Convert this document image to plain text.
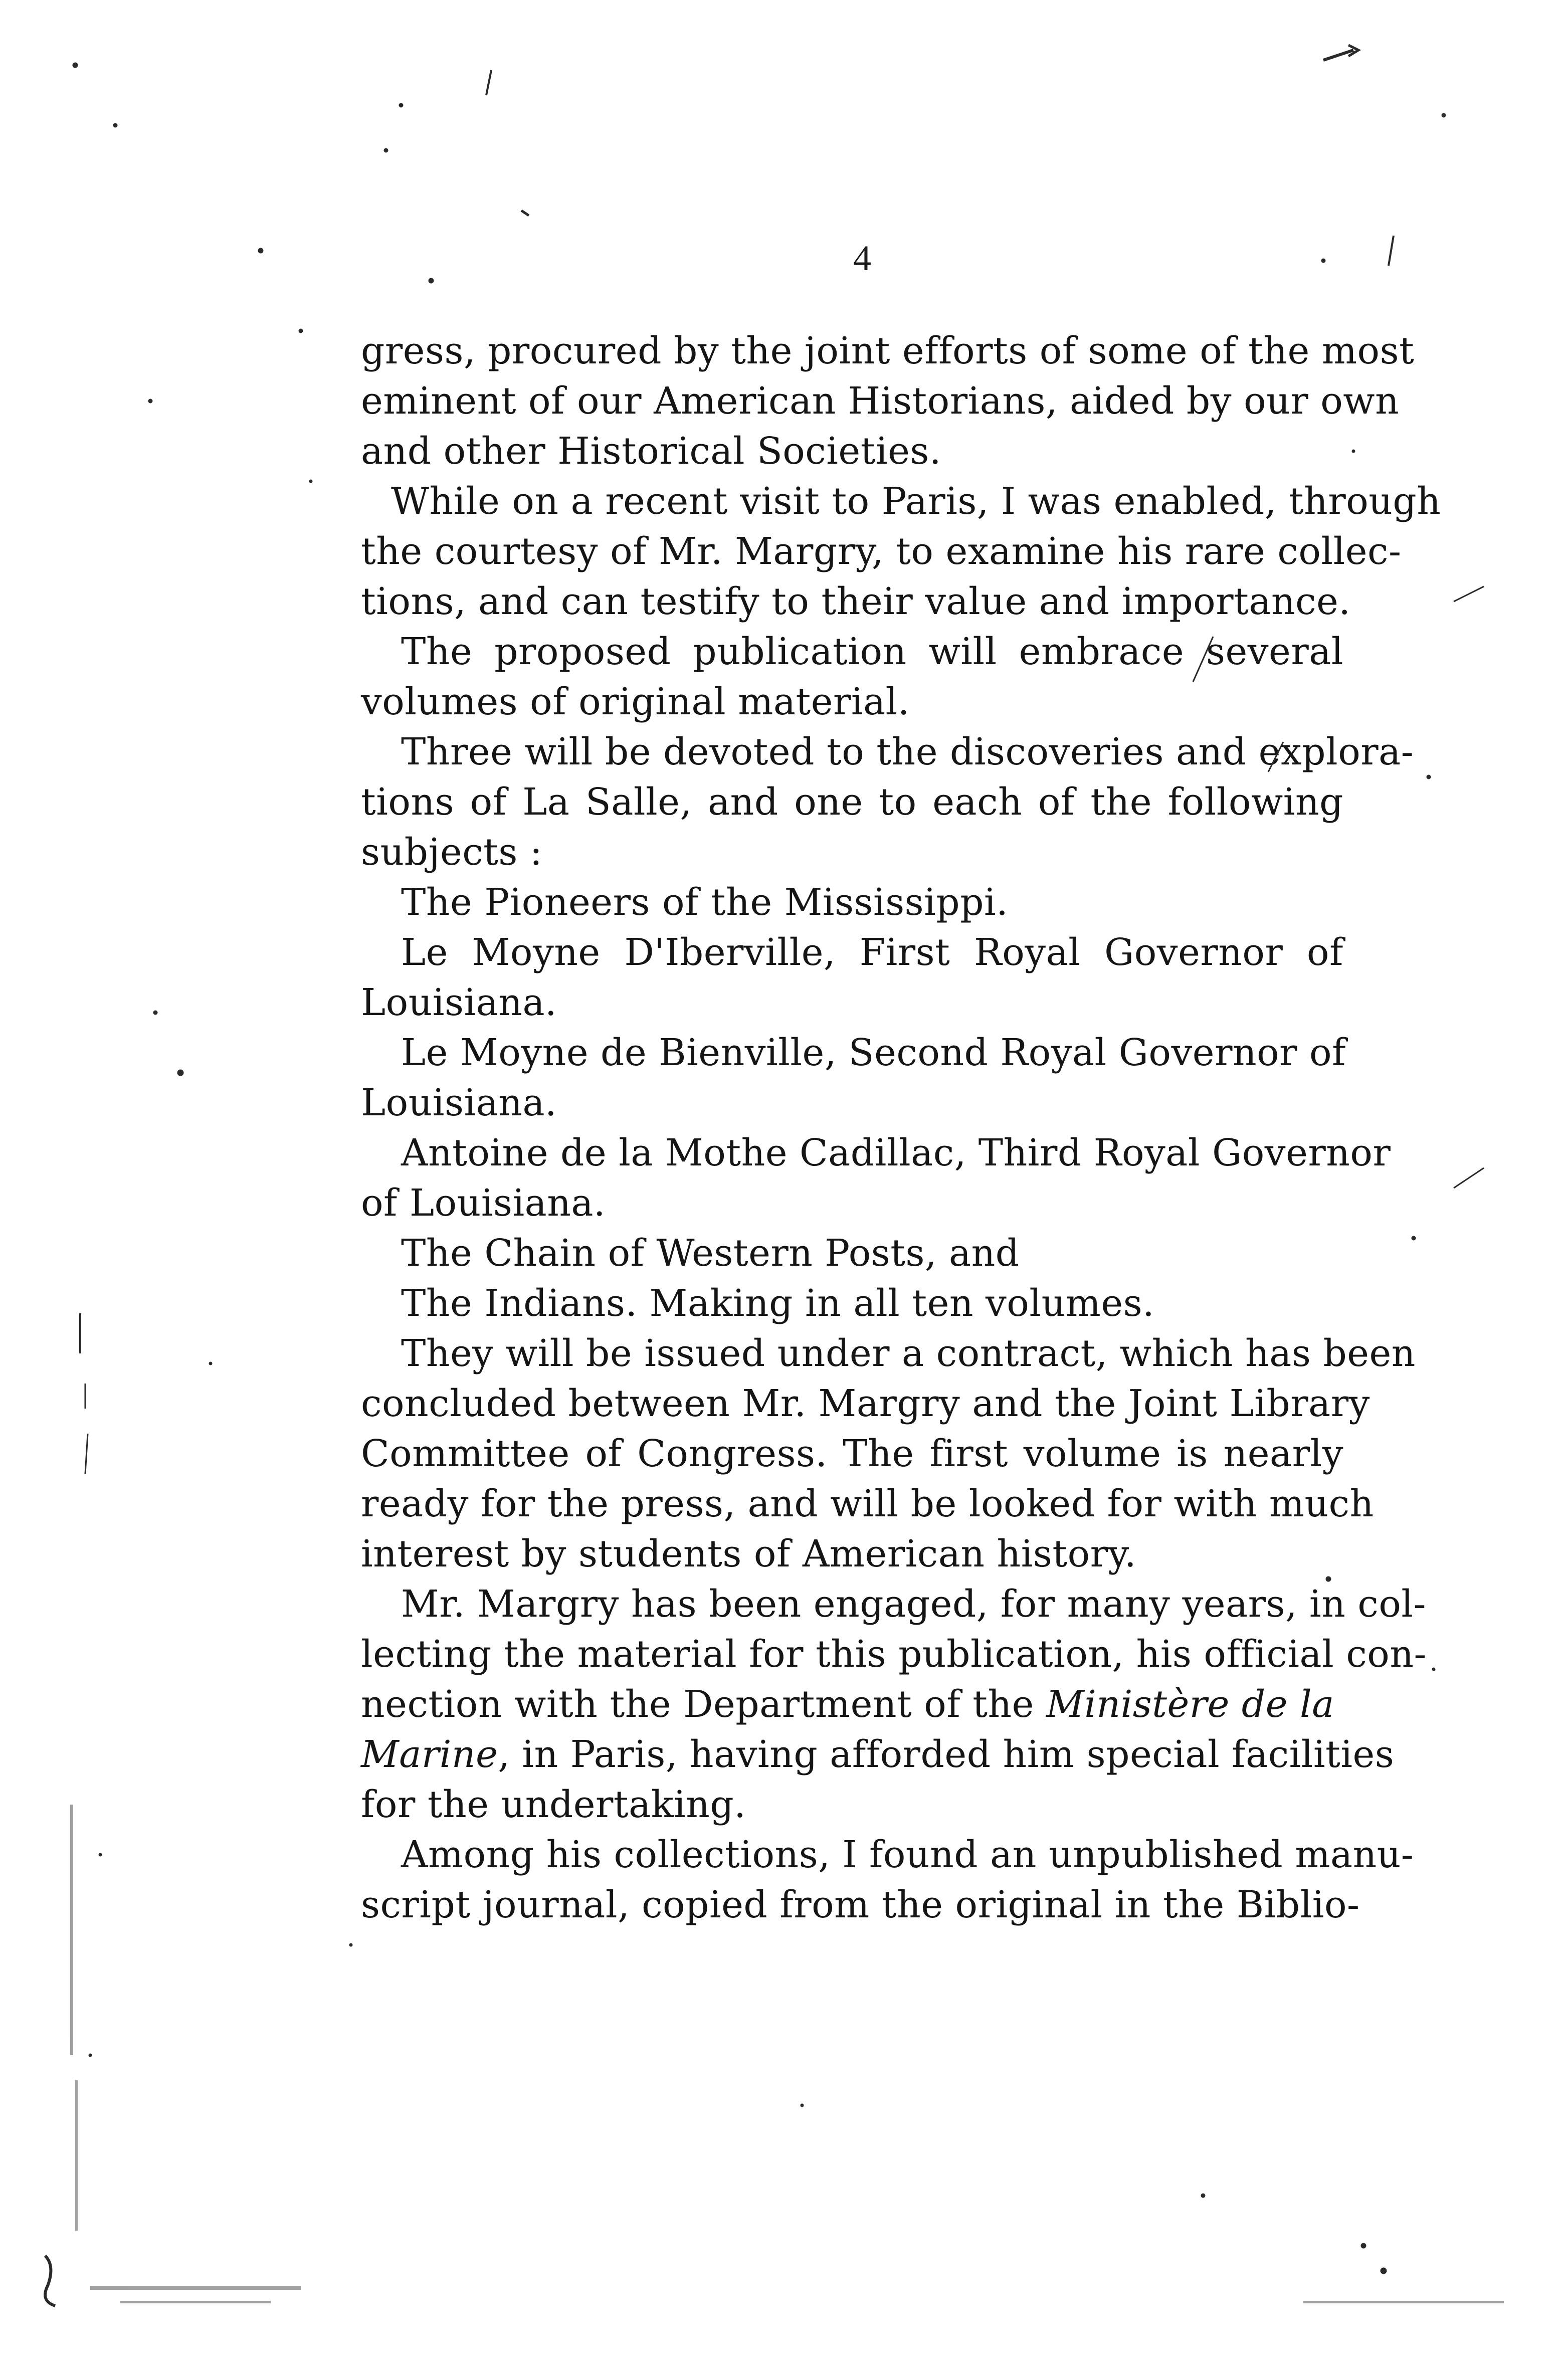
4
gress, procured by the joint efforts of some of the most
eminent of our American Historians, aided by our own
and other Historical Societies.
While on a recent visit to Paris, I was enabled, through
the courtesy of Mr. Margry, to examine his rare collec-
tions, and can testify to their value and importance.
The proposed publication will embrace several
volumes of original material.
Three will be devoted to the discoveries and explora-
tions of La Salle, and one to each of the following
subjects :
The Pioneers of the Mississippi.
Le Moyne D'Iberville, First Royal Governor of
Louisiana.
Le Moyne de Bienville, Second Royal Governor of
Louisiana.
Antoine de la Mothe Cadillac, Third Royal Governor
of Louisiana.
The Chain of Western Posts, and
The Indians. Making in all ten volumes.
They will be issued under a contract, which has been
concluded between Mr. Margry and the Joint Library
Committee of Congress. The first volume is nearly
ready for the press, and will be looked for with much
interest by students of American history.
Mr. Margry has been engaged, for many years, in col-
lecting the material for this publication, his official con-
nection with the Department of the Ministère de la
Marine, in Paris, having afforded him special facilities
for the undertaking.
Among his collections, I found an unpublished manu-
script journal, copied from the original in the Biblio-
